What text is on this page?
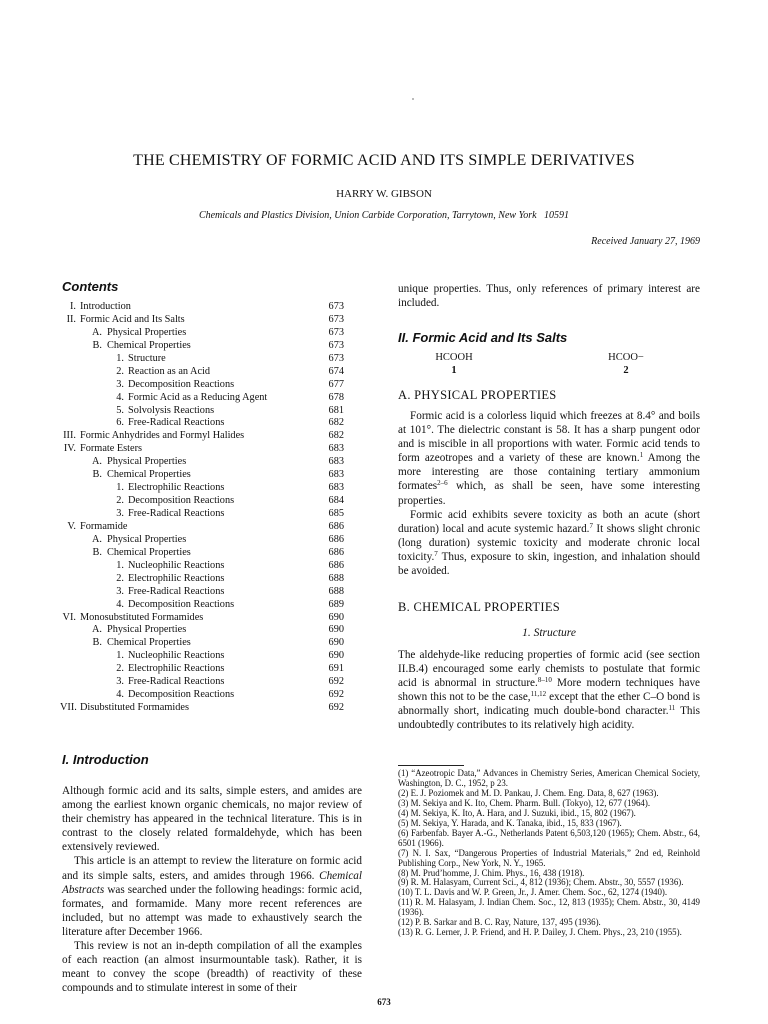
THE CHEMISTRY OF FORMIC ACID AND ITS SIMPLE DERIVATIVES
HARRY W. GIBSON
Chemicals and Plastics Division, Union Carbide Corporation, Tarrytown, New York   10591
Received January 27, 1969
Contents
I. Introduction	673
II. Formic Acid and Its Salts	673
A. Physical Properties	673
B. Chemical Properties	673
1. Structure	673
2. Reaction as an Acid	674
3. Decomposition Reactions	677
4. Formic Acid as a Reducing Agent	678
5. Solvolysis Reactions	681
6. Free-Radical Reactions	682
III. Formic Anhydrides and Formyl Halides	682
IV. Formate Esters	683
A. Physical Properties	683
B. Chemical Properties	683
1. Electrophilic Reactions	683
2. Decomposition Reactions	684
3. Free-Radical Reactions	685
V. Formamide	686
A. Physical Properties	686
B. Chemical Properties	686
1. Nucleophilic Reactions	686
2. Electrophilic Reactions	688
3. Free-Radical Reactions	688
4. Decomposition Reactions	689
VI. Monosubstituted Formamides	690
A. Physical Properties	690
B. Chemical Properties	690
1. Nucleophilic Reactions	690
2. Electrophilic Reactions	691
3. Free-Radical Reactions	692
4. Decomposition Reactions	692
VII. Disubstituted Formamides	692
I. Introduction

Although formic acid and its salts, simple esters, and amides are among the earliest known organic chemicals, no major review of their chemistry has appeared in the technical literature. This is in contrast to the closely related formaldehyde, which has been extensively reviewed.

This article is an attempt to review the literature on formic acid and its simple salts, esters, and amides through 1966. Chemical Abstracts was searched under the following headings: formic acid, formates, and formamide. Many more recent references are included, but no attempt was made to exhaustively search the literature after December 1966.

This review is not an in-depth compilation of all the examples of each reaction (an almost insurmountable task). Rather, it is meant to convey the scope (breadth) of reactivity of these compounds and to stimulate interest in some of their

unique properties. Thus, only references of primary interest are included.
II. Formic Acid and Its Salts
HCOOH
1
HCOO−
2
A. PHYSICAL PROPERTIES

Formic acid is a colorless liquid which freezes at 8.4° and boils at 101°. The dielectric constant is 58. It has a sharp pungent odor and is miscible in all proportions with water. Formic acid tends to form azeotropes and a variety of these are known.$^1$ Among the more interesting are those containing tertiary ammonium formates$^{2-6}$ which, as shall be seen, have some interesting properties.

Formic acid exhibits severe toxicity as both an acute (short duration) local and acute systemic hazard.$^7$ It shows slight chronic (long duration) systemic toxicity and moderate chronic local toxicity.$^7$ Thus, exposure to skin, ingestion, and inhalation should be avoided.

B. CHEMICAL PROPERTIES
1. Structure

The aldehyde-like reducing properties of formic acid (see section II.B.4) encouraged some early chemists to postulate that formic acid is abnormal in structure.$^{8-10}$ More modern techniques have shown this not to be the case,$^{11,12}$ except that the ether C–O bond is abnormally short, indicating much double-bond character.$^{11}$ This undoubtedly contributes to its relatively high acidity.

(1) “Azeotropic Data,” Advances in Chemistry Series, American Chemical Society, Washington, D. C., 1952, p 23.
(2) E. J. Poziomek and M. D. Pankau, J. Chem. Eng. Data, 8, 627 (1963).
(3) M. Sekiya and K. Ito, Chem. Pharm. Bull. (Tokyo), 12, 677 (1964).
(4) M. Sekiya, K. Ito, A. Hara, and J. Suzuki, ibid., 15, 802 (1967).
(5) M. Sekiya, Y. Harada, and K. Tanaka, ibid., 15, 833 (1967).
(6) Farbenfab. Bayer A.-G., Netherlands Patent 6,503,120 (1965); Chem. Abstr., 64, 6501 (1966).
(7) N. I. Sax, “Dangerous Properties of Industrial Materials,” 2nd ed, Reinhold Publishing Corp., New York, N. Y., 1965.
(8) M. Prud’homme, J. Chim. Phys., 16, 438 (1918).
(9) R. M. Halasyam, Current Sci., 4, 812 (1936); Chem. Abstr., 30, 5557 (1936).
(10) T. L. Davis and W. P. Green, Jr., J. Amer. Chem. Soc., 62, 1274 (1940).
(11) R. M. Halasyam, J. Indian Chem. Soc., 12, 813 (1935); Chem. Abstr., 30, 4149 (1936).
(12) P. B. Sarkar and B. C. Ray, Nature, 137, 495 (1936).
(13) R. G. Lerner, J. P. Friend, and H. P. Dailey, J. Chem. Phys., 23, 210 (1955).
673
